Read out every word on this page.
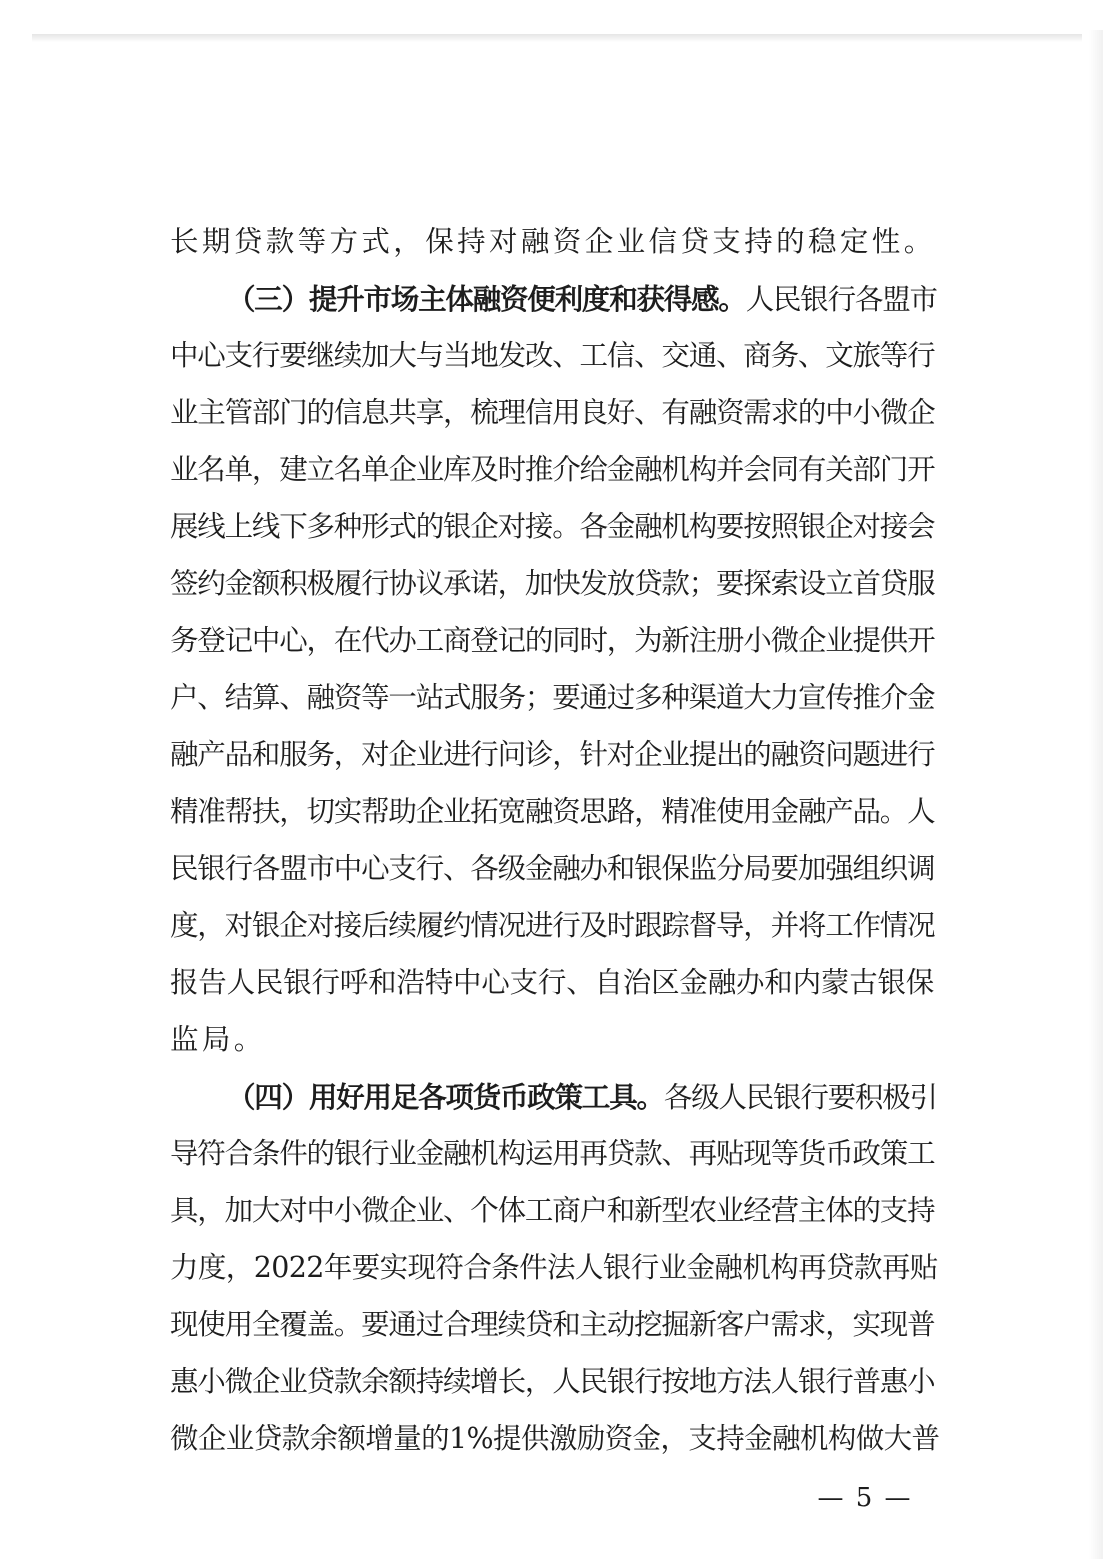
长期贷款等方式，保持对融资企业信贷支持的稳定性。
（三）提升市场主体融资便利度和获得感。人民银行各盟市
中心支行要继续加大与当地发改、工信、交通、商务、文旅等行
业主管部门的信息共享，梳理信用良好、有融资需求的中小微企
业名单，建立名单企业库及时推介给金融机构并会同有关部门开
展线上线下多种形式的银企对接。各金融机构要按照银企对接会
签约金额积极履行协议承诺，加快发放贷款；要探索设立首贷服
务登记中心，在代办工商登记的同时，为新注册小微企业提供开
户、结算、融资等一站式服务；要通过多种渠道大力宣传推介金
融产品和服务，对企业进行问诊，针对企业提出的融资问题进行
精准帮扶，切实帮助企业拓宽融资思路，精准使用金融产品。人
民银行各盟市中心支行、各级金融办和银保监分局要加强组织调
度，对银企对接后续履约情况进行及时跟踪督导，并将工作情况
报告人民银行呼和浩特中心支行、自治区金融办和内蒙古银保
监局。
（四）用好用足各项货币政策工具。各级人民银行要积极引
导符合条件的银行业金融机构运用再贷款、再贴现等货币政策工
具，加大对中小微企业、个体工商户和新型农业经营主体的支持
力度，2022年要实现符合条件法人银行业金融机构再贷款再贴
现使用全覆盖。要通过合理续贷和主动挖掘新客户需求，实现普
惠小微企业贷款余额持续增长，人民银行按地方法人银行普惠小
微企业贷款余额增量的1%提供激励资金，支持金融机构做大普
— 5 —
